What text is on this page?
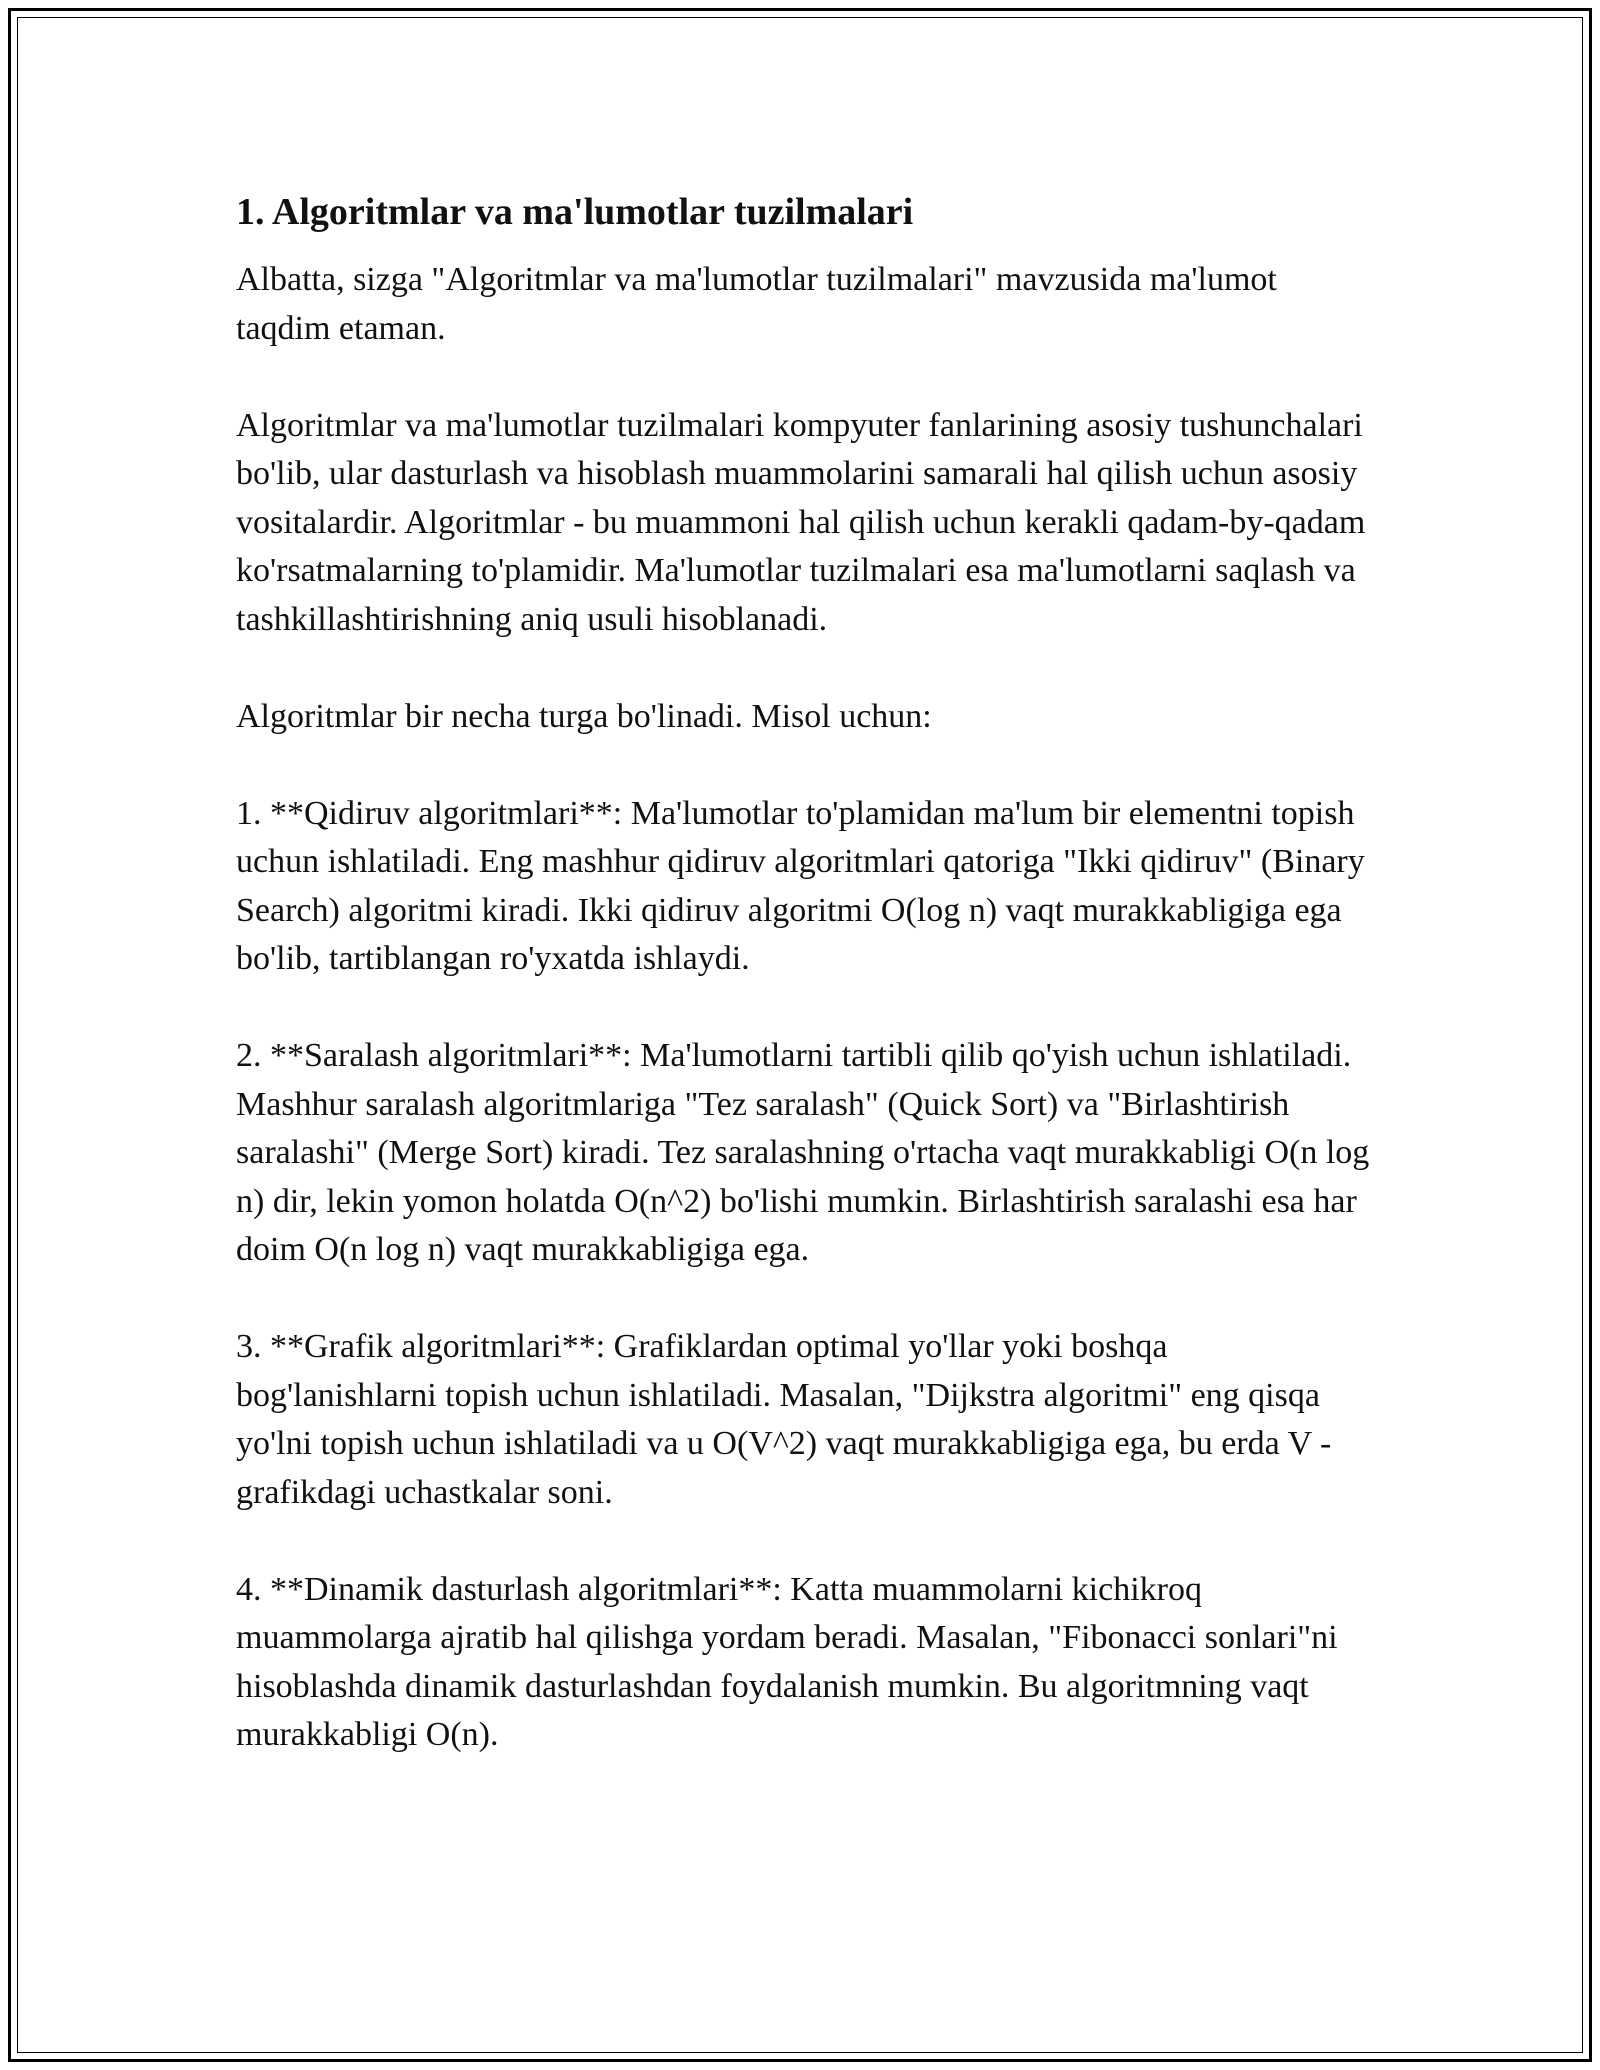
1. Algoritmlar va ma'lumotlar tuzilmalari

Albatta, sizga "Algoritmlar va ma'lumotlar tuzilmalari" mavzusida ma'lumot taqdim etaman.

Algoritmlar va ma'lumotlar tuzilmalari kompyuter fanlarining asosiy tushunchalari bo'lib, ular dasturlash va hisoblash muammolarini samarali hal qilish uchun asosiy vositalardir. Algoritmlar - bu muammoni hal qilish uchun kerakli qadam-by-qadam ko'rsatmalarning to'plamidir. Ma'lumotlar tuzilmalari esa ma'lumotlarni saqlash va tashkillashtirishning aniq usuli hisoblanadi.

Algoritmlar bir necha turga bo'linadi. Misol uchun:

1. **Qidiruv algoritmlari**: Ma'lumotlar to'plamidan ma'lum bir elementni topish uchun ishlatiladi. Eng mashhur qidiruv algoritmlari qatoriga "Ikki qidiruv" (Binary Search) algoritmi kiradi. Ikki qidiruv algoritmi O(log n) vaqt murakkabligiga ega bo'lib, tartiblangan ro'yxatda ishlaydi.

2. **Saralash algoritmlari**: Ma'lumotlarni tartibli qilib qo'yish uchun ishlatiladi. Mashhur saralash algoritmlariga "Tez saralash" (Quick Sort) va "Birlashtirish saralashi" (Merge Sort) kiradi. Tez saralashning o'rtacha vaqt murakkabligi O(n log n) dir, lekin yomon holatda O(n^2) bo'lishi mumkin. Birlashtirish saralashi esa har doim O(n log n) vaqt murakkabligiga ega.

3. **Grafik algoritmlari**: Grafiklardan optimal yo'llar yoki boshqa bog'lanishlarni topish uchun ishlatiladi. Masalan, "Dijkstra algoritmi" eng qisqa yo'lni topish uchun ishlatiladi va u O(V^2) vaqt murakkabligiga ega, bu erda V - grafikdagi uchastkalar soni.

4. **Dinamik dasturlash algoritmlari**: Katta muammolarni kichikroq muammolarga ajratib hal qilishga yordam beradi. Masalan, "Fibonacci sonlari"ni hisoblashda dinamik dasturlashdan foydalanish mumkin. Bu algoritmning vaqt murakkabligi O(n).
